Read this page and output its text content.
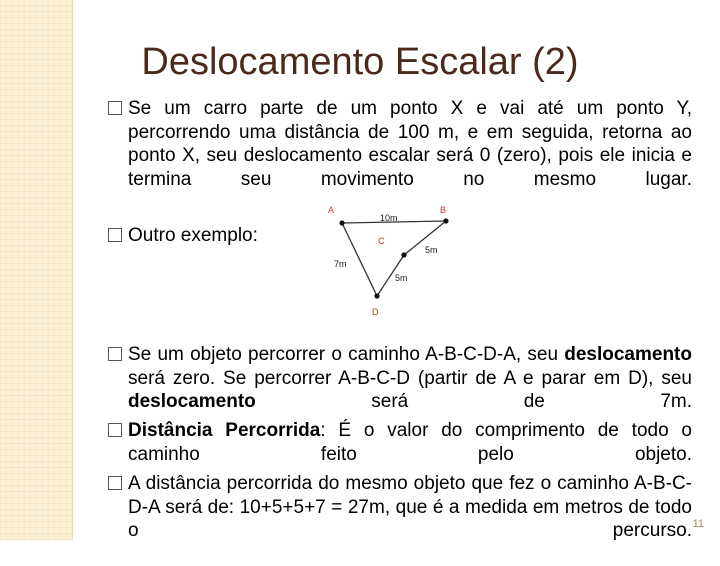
Deslocamento Escalar (2)
Se um carro parte de um ponto X e vai até um ponto Y, percorrendo uma distância de 100 m, e em seguida, retorna ao ponto X, seu deslocamento escalar será 0 (zero), pois ele inicia e termina seu movimento no mesmo lugar.
Outro exemplo:
A	B
C
D
10m
5m
5m
7m
Se um objeto percorrer o caminho A-B-C-D-A, seu deslocamento será zero. Se percorrer A-B-C-D (partir de A e parar em D), seu deslocamento	será de 7m.
Distância Percorrida: É o valor do comprimento de todo o caminho feito pelo objeto.
A distância percorrida do mesmo objeto que fez o caminho A-B-C-D-A será de: 10+5+5+7 = 27m, que é a medida em metros de todo o percurso. 11
